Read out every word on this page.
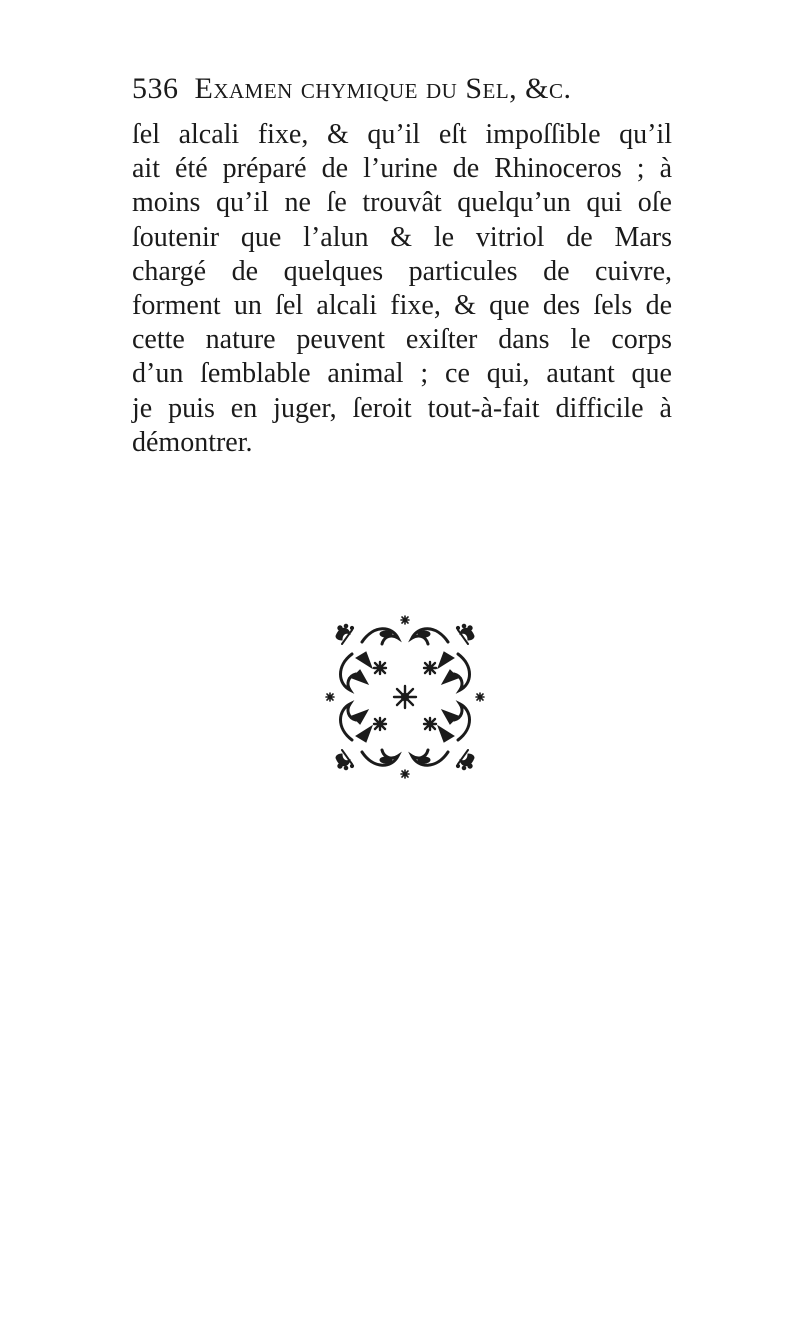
536 Examen chymique du Sel, &c.
ſel alcali fixe, & qu’il eſt impoſſible qu’il
ait été préparé de l’urine de Rhinoceros ; à
moins qu’il ne ſe trouvât quelqu’un qui oſe
ſoutenir que l’alun & le vitriol de Mars
chargé de quelques particules de cuivre,
forment un ſel alcali fixe, & que des ſels de
cette nature peuvent exiſter dans le corps
d’un ſemblable animal ; ce qui, autant que
je puis en juger, ſeroit tout-à-fait difficile à
démontrer.
